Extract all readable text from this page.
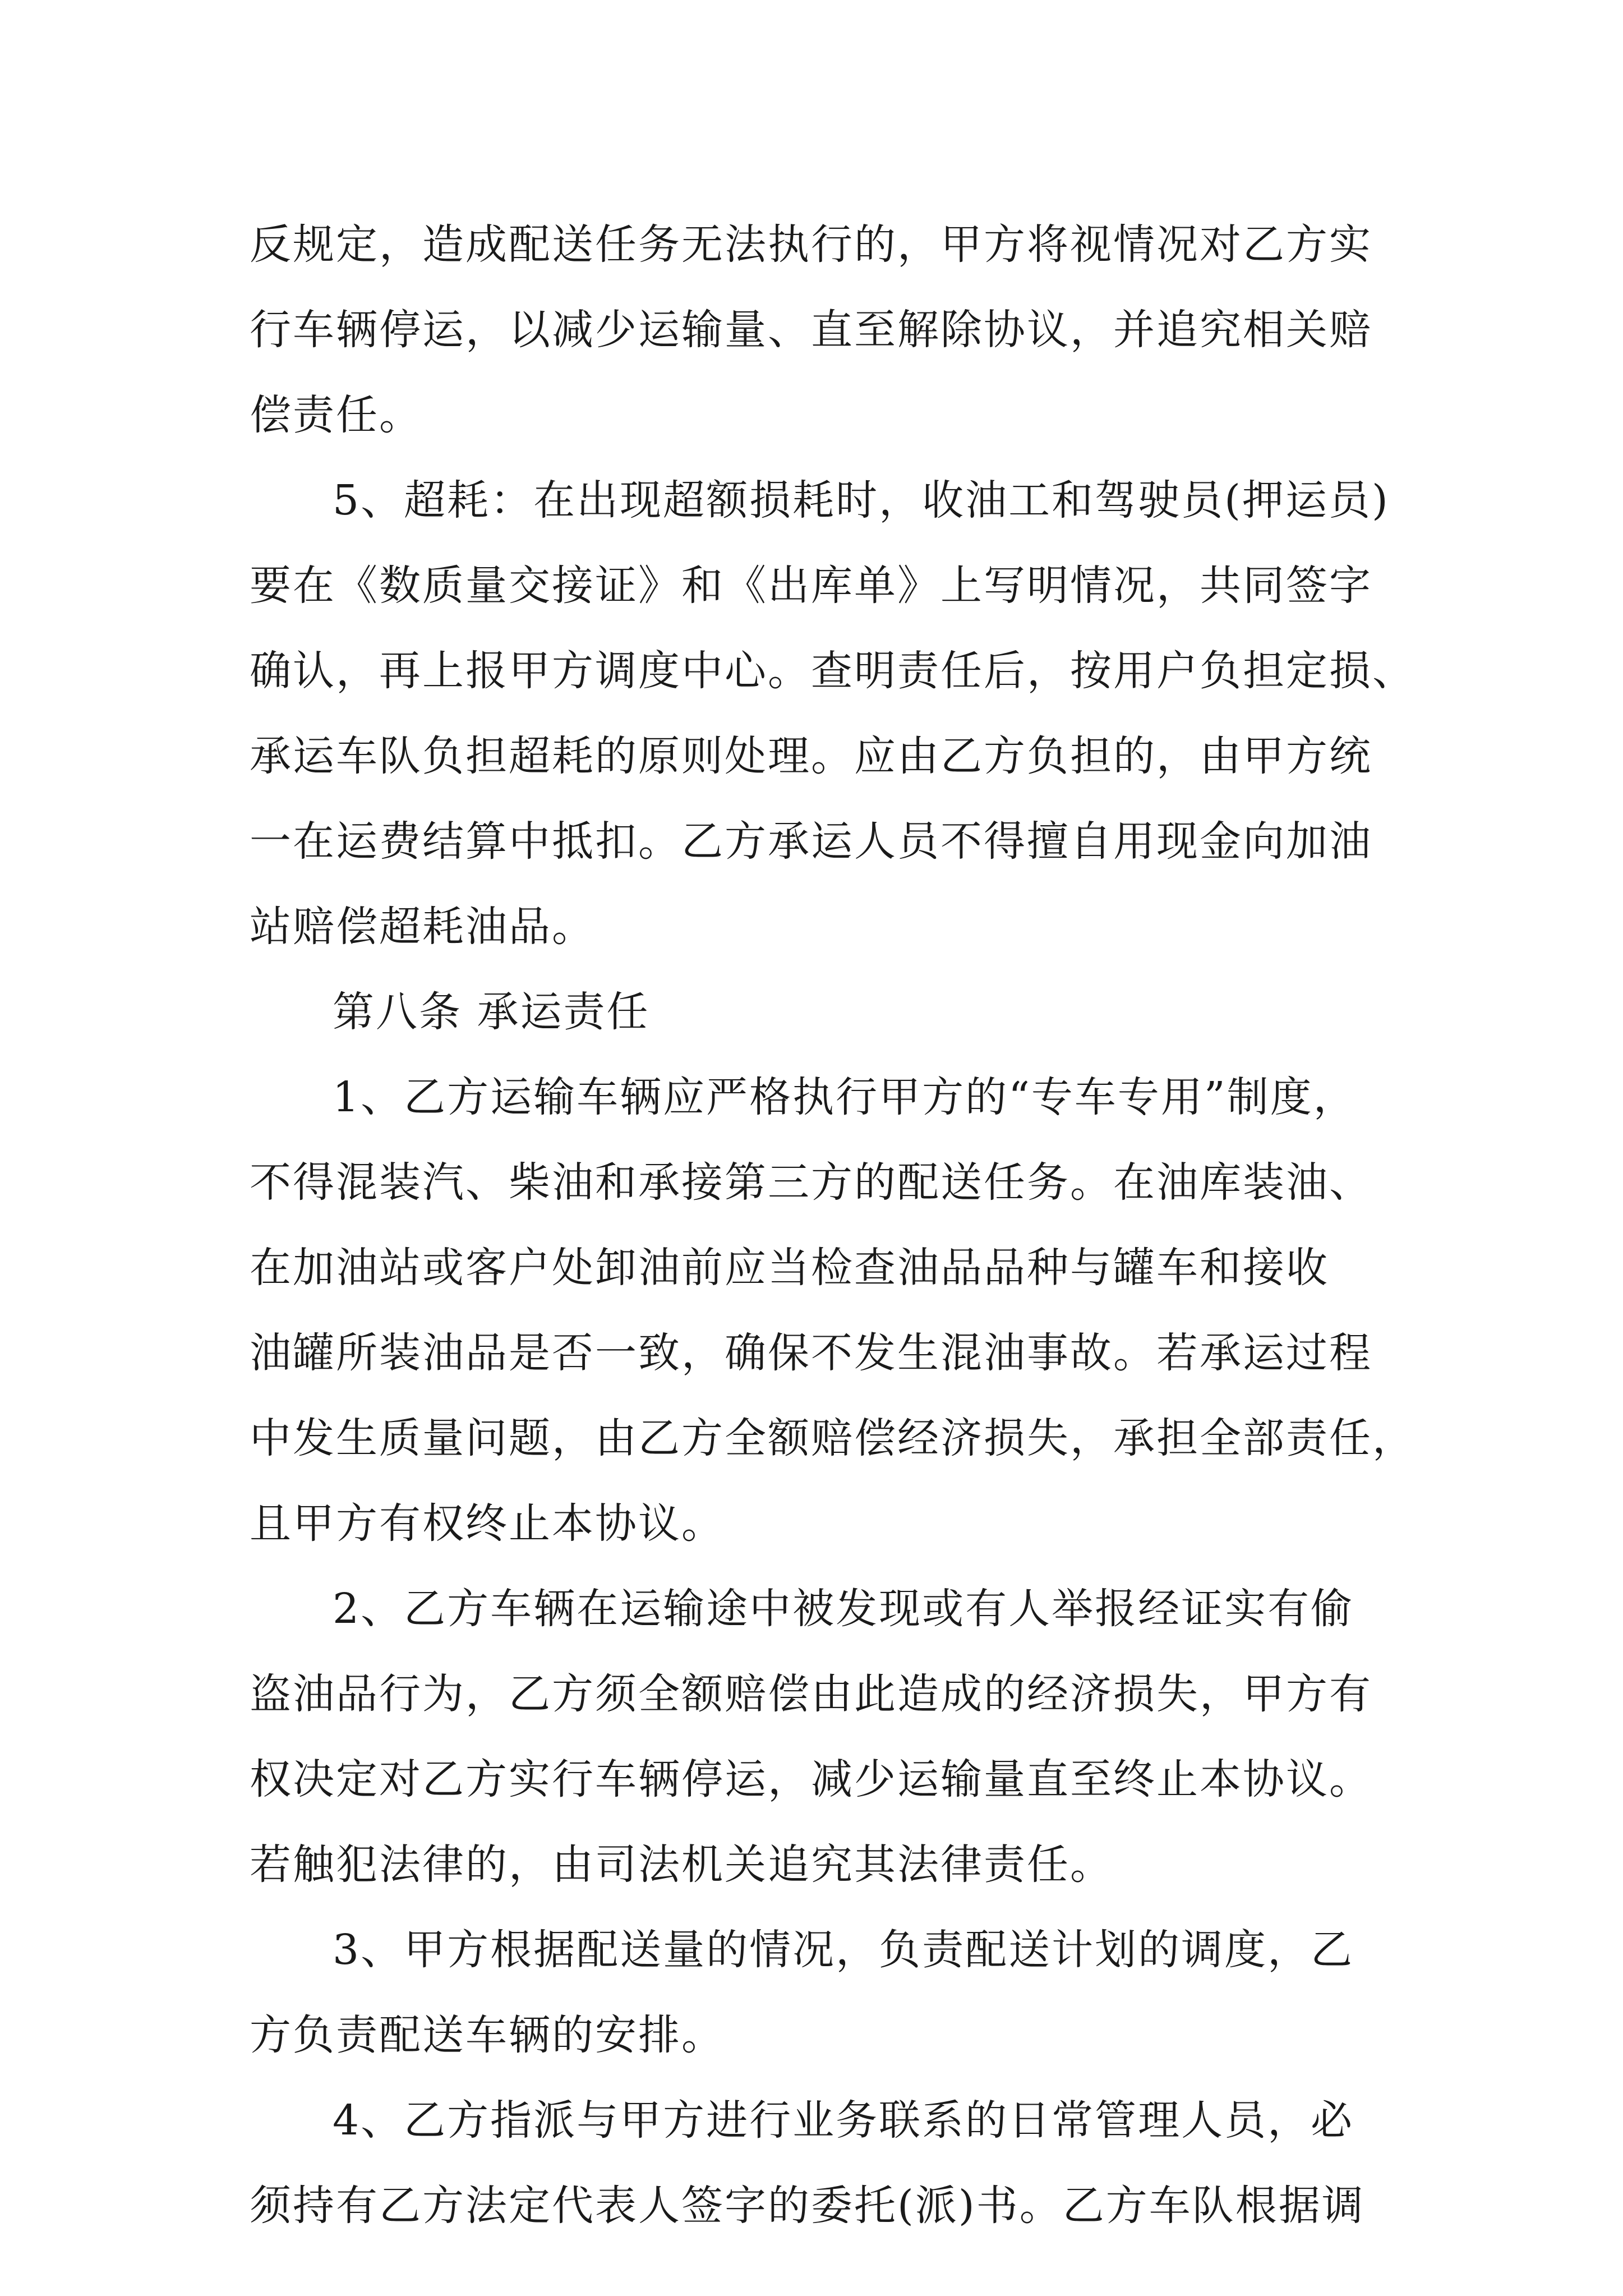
反规定，造成配送任务无法执行的，甲方将视情况对乙方实
行车辆停运，以减少运输量、直至解除协议，并追究相关赔
偿责任。
5、超耗：在出现超额损耗时，收油工和驾驶员(押运员)
要在《数质量交接证》和《出库单》上写明情况，共同签字
确认，再上报甲方调度中心。查明责任后，按用户负担定损、
承运车队负担超耗的原则处理。应由乙方负担的，由甲方统
一在运费结算中抵扣。乙方承运人员不得擅自用现金向加油
站赔偿超耗油品。
第八条 承运责任
1、乙方运输车辆应严格执行甲方的“专车专用”制度，
不得混装汽、柴油和承接第三方的配送任务。在油库装油、
在加油站或客户处卸油前应当检查油品品种与罐车和接收
油罐所装油品是否一致，确保不发生混油事故。若承运过程
中发生质量问题，由乙方全额赔偿经济损失，承担全部责任，
且甲方有权终止本协议。
2、乙方车辆在运输途中被发现或有人举报经证实有偷
盗油品行为，乙方须全额赔偿由此造成的经济损失，甲方有
权决定对乙方实行车辆停运，减少运输量直至终止本协议。
若触犯法律的，由司法机关追究其法律责任。
3、甲方根据配送量的情况，负责配送计划的调度，乙
方负责配送车辆的安排。
4、乙方指派与甲方进行业务联系的日常管理人员，必
须持有乙方法定代表人签字的委托(派)书。乙方车队根据调
